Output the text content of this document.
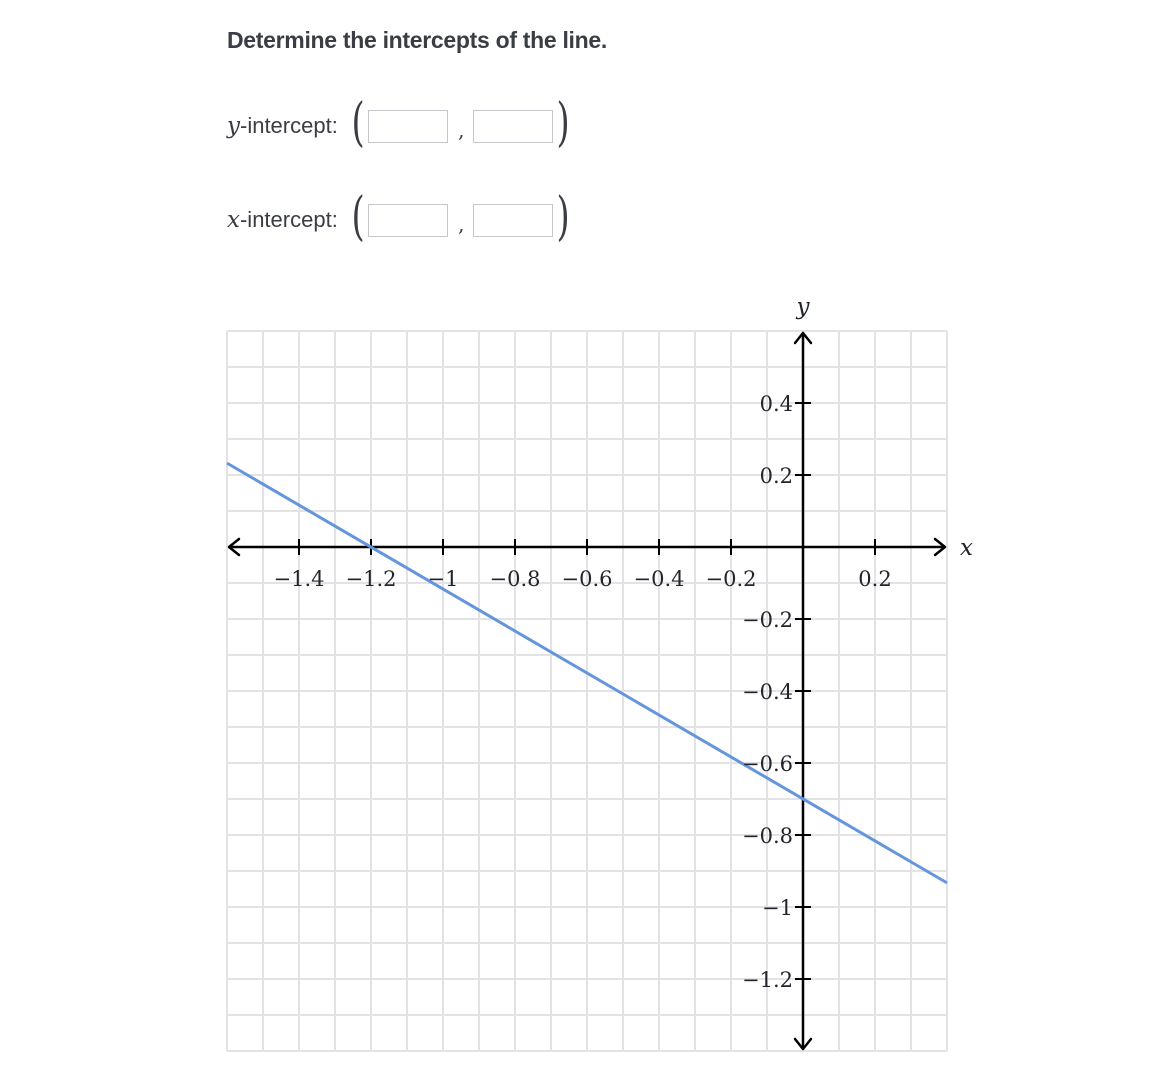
Determine the intercepts of the line.
y-intercept: (	, )
x-intercept: (	, )
x
y
−1.4 −1.2 −1 −0.8 −0.6 −0.4 −0.2	0.2
0.4
0.2
−0.2
−0.4
−0.6
−0.8
−1
−1.2
